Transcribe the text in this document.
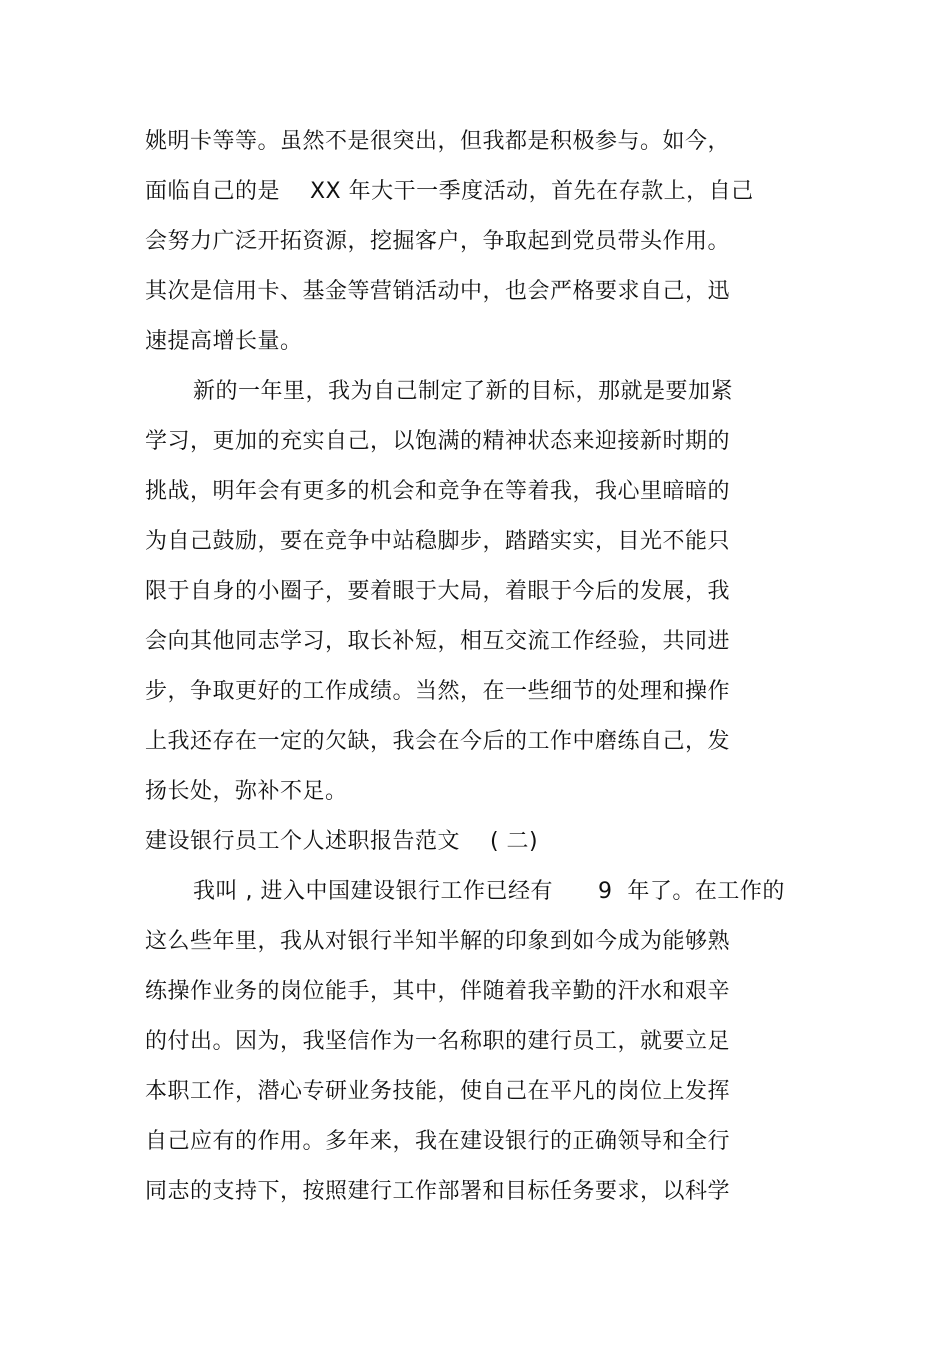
姚明卡等等。虽然不是很突出，但我都是积极参与。如今，
面临自己的是    XX 年大干一季度活动，首先在存款上，自己
会努力广泛开拓资源，挖掘客户，争取起到党员带头作用。
其次是信用卡、基金等营销活动中，也会严格要求自己，迅
速提高增长量。
新的一年里，我为自己制定了新的目标，那就是要加紧
学习，更加的充实自己，以饱满的精神状态来迎接新时期的
挑战，明年会有更多的机会和竞争在等着我，我心里暗暗的
为自己鼓励，要在竞争中站稳脚步，踏踏实实，目光不能只
限于自身的小圈子，要着眼于大局，着眼于今后的发展，我
会向其他同志学习，取长补短，相互交流工作经验，共同进
步，争取更好的工作成绩。当然，在一些细节的处理和操作
上我还存在一定的欠缺，我会在今后的工作中磨练自己，发
扬长处，弥补不足。
建设银行员工个人述职报告范文    ( 二)
我叫 , 进入中国建设银行工作已经有      9  年了。在工作的
这么些年里，我从对银行半知半解的印象到如今成为能够熟
练操作业务的岗位能手，其中，伴随着我辛勤的汗水和艰辛
的付出。因为，我坚信作为一名称职的建行员工，就要立足
本职工作，潜心专研业务技能，使自己在平凡的岗位上发挥
自己应有的作用。多年来，我在建设银行的正确领导和全行
同志的支持下，按照建行工作部署和目标任务要求，以科学
